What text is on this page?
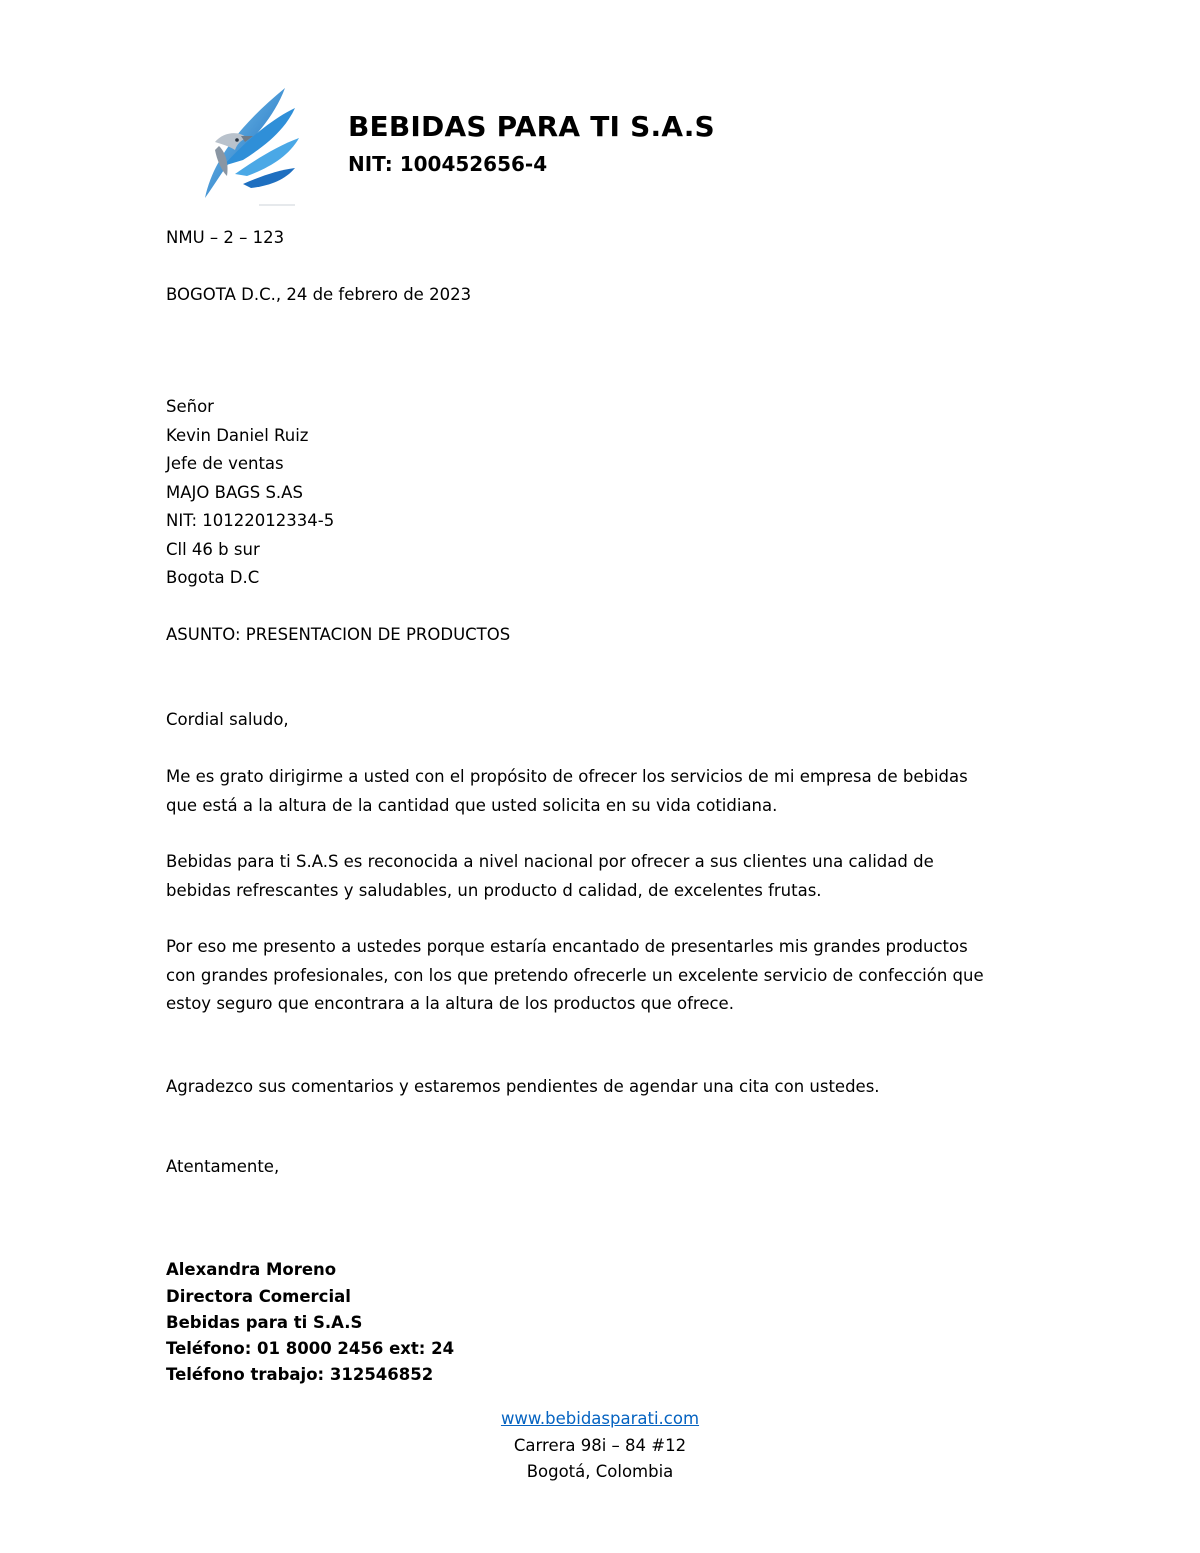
BEBIDAS PARA TI S.A.S
NIT: 100452656-4
NMU – 2 – 123
BOGOTA D.C., 24 de febrero de 2023
Señor
Kevin Daniel Ruiz
Jefe de ventas
MAJO BAGS S.AS
NIT: 10122012334-5
Cll 46 b sur
Bogota D.C
ASUNTO: PRESENTACION DE PRODUCTOS
Cordial saludo,
Me es grato dirigirme a usted con el propósito de ofrecer los servicios de mi empresa de bebidas
que está a la altura de la cantidad que usted solicita en su vida cotidiana.
Bebidas para ti S.A.S es reconocida a nivel nacional por ofrecer a sus clientes una calidad de
bebidas refrescantes y saludables, un producto d calidad, de excelentes frutas.
Por eso me presento a ustedes porque estaría encantado de presentarles mis grandes productos
con grandes profesionales, con los que pretendo ofrecerle un excelente servicio de confección que
estoy seguro que encontrara a la altura de los productos que ofrece.
Agradezco sus comentarios y estaremos pendientes de agendar una cita con ustedes.
Atentamente,
Alexandra Moreno
Directora Comercial
Bebidas para ti S.A.S
Teléfono: 01 8000 2456 ext: 24
Teléfono trabajo: 312546852
www.bebidasparati.com
Carrera 98i – 84 #12
Bogotá, Colombia
